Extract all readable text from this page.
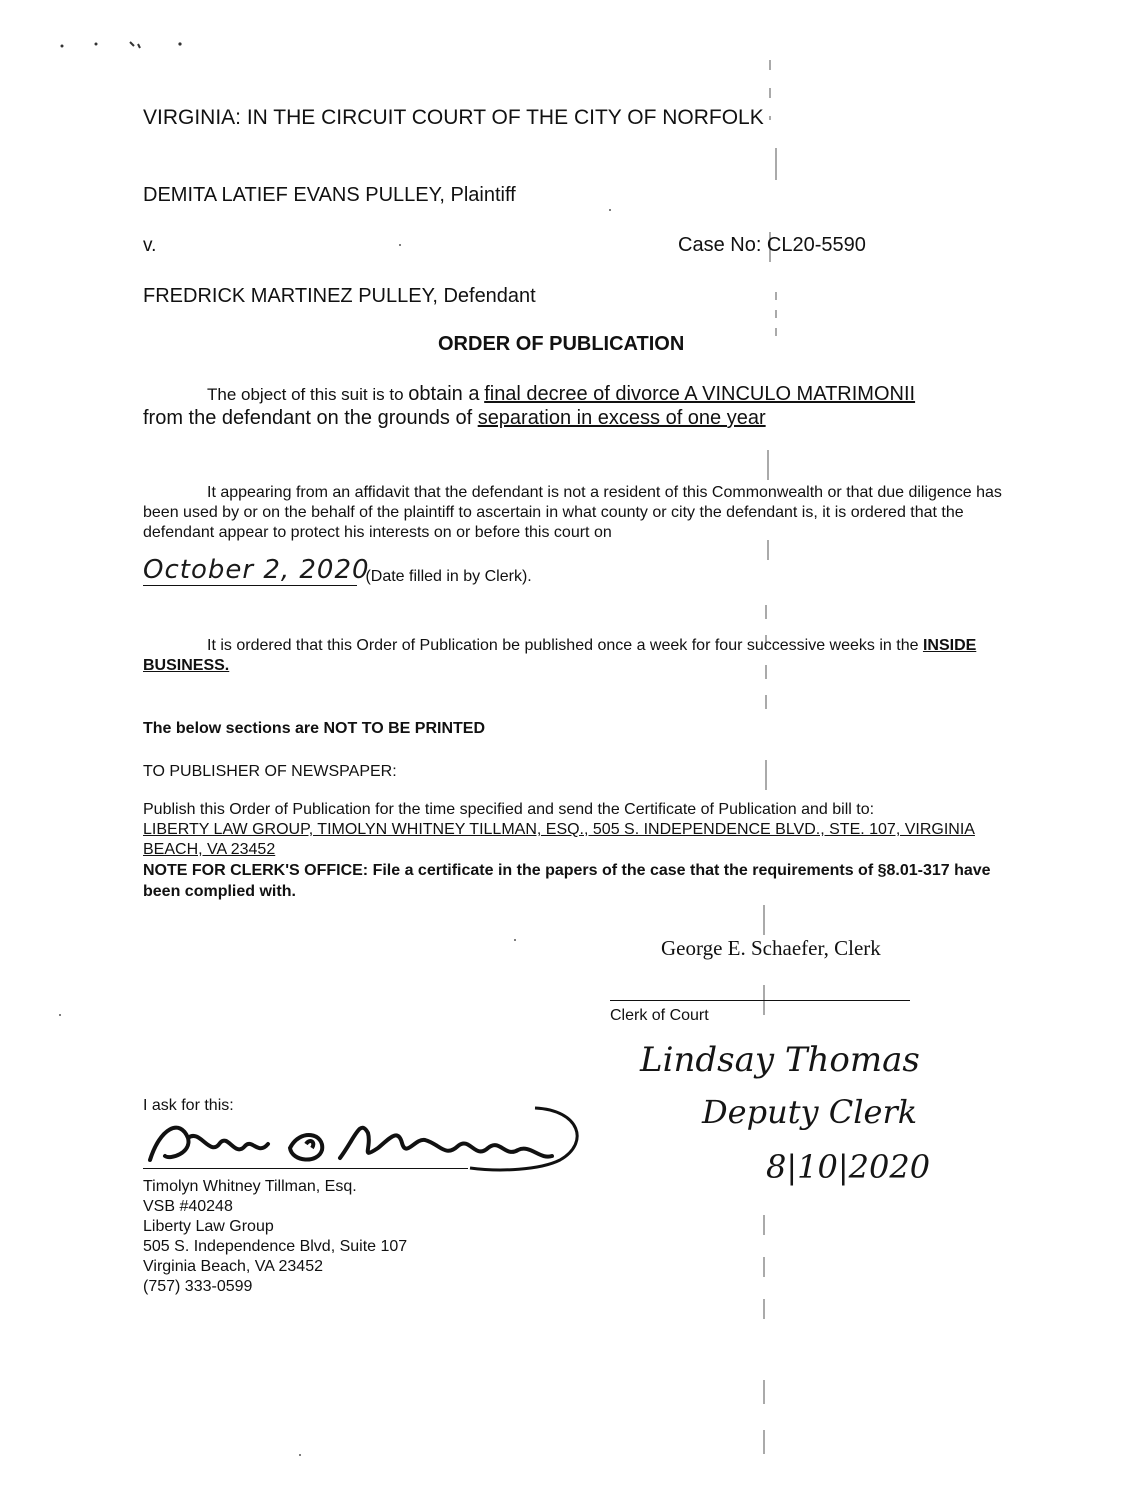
VIRGINIA: IN THE CIRCUIT COURT OF THE CITY OF NORFOLK
DEMITA LATIEF EVANS PULLEY, Plaintiff
v.	Case No: CL20-5590
FREDRICK MARTINEZ PULLEY, Defendant
ORDER OF PUBLICATION
The object of this suit is to obtain a final decree of divorce A VINCULO MATRIMONII
from the defendant on the grounds of separation in excess of one year
It appearing from an affidavit that the defendant is not a resident of this Commonwealth or that due diligence has been used by or on the behalf of the plaintiff to ascertain in what county or city the defendant is, it is ordered that the defendant appear to protect his interests on or before this court on
October 2, 2020 (Date filled in by Clerk).
It is ordered that this Order of Publication be published once a week for four successive weeks in the INSIDE BUSINESS.
The below sections are NOT TO BE PRINTED
TO PUBLISHER OF NEWSPAPER:
Publish this Order of Publication for the time specified and send the Certificate of Publication and bill to:
LIBERTY LAW GROUP, TIMOLYN WHITNEY TILLMAN, ESQ., 505 S. INDEPENDENCE BLVD., STE. 107, VIRGINIA BEACH, VA 23452
NOTE FOR CLERK'S OFFICE: File a certificate in the papers of the case that the requirements of §8.01-317 have been complied with.
George E. Schaefer, Clerk
Clerk of Court
Lindsay Thomas
Deputy Clerk
8|10|2020
I ask for this:
Timolyn Whitney Tillman, Esq.
VSB #40248
Liberty Law Group
505 S. Independence Blvd, Suite 107
Virginia Beach, VA 23452
(757) 333-0599
